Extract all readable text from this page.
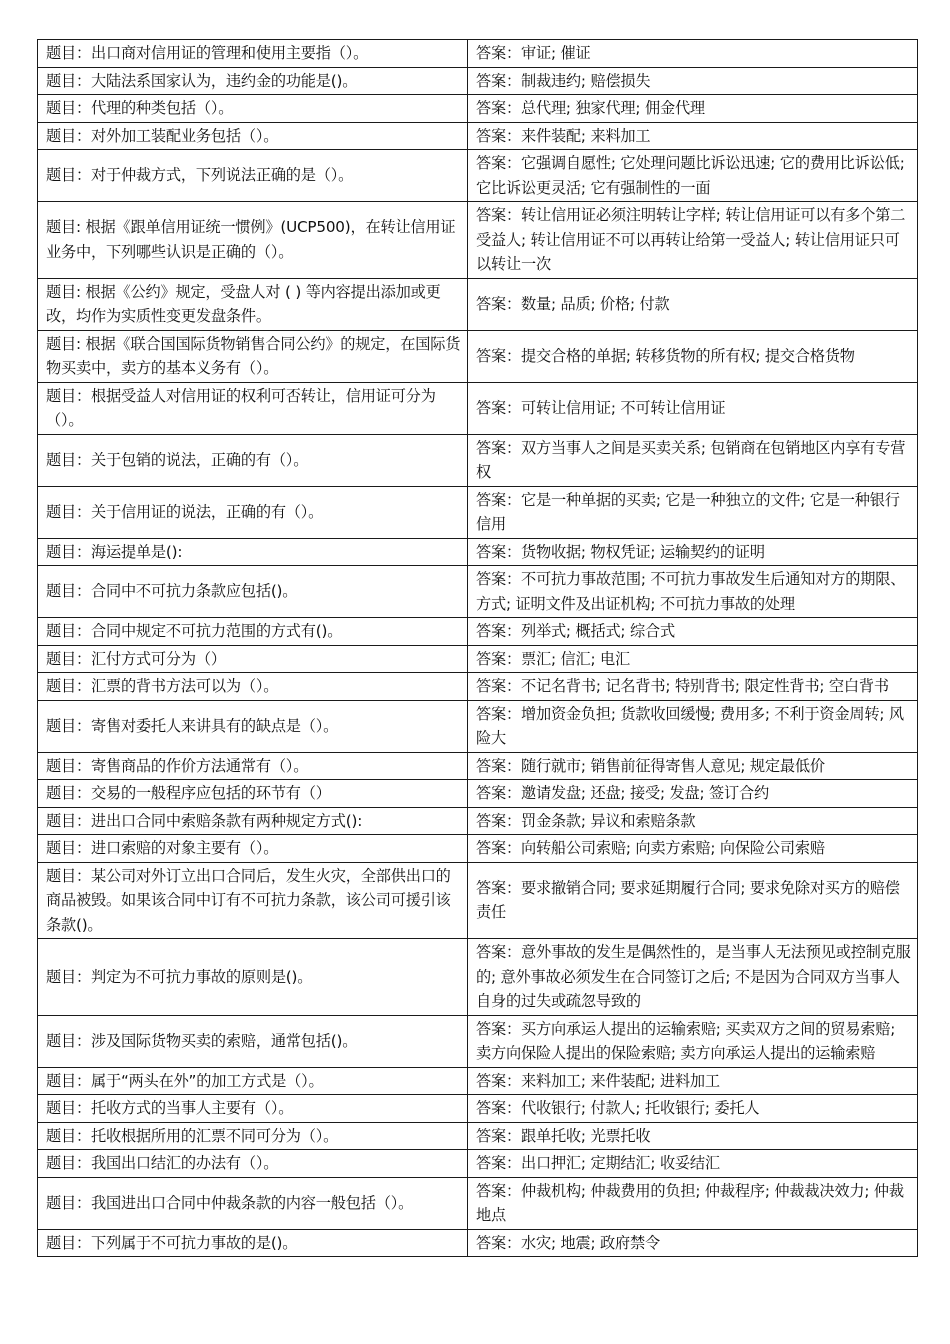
题目：出口商对信用证的管理和使用主要指（）。	答案：审证; 催证
题目：大陆法系国家认为，违约金的功能是()。	答案：制裁违约; 赔偿损失
题目：代理的种类包括（）。	答案：总代理; 独家代理; 佣金代理
题目：对外加工装配业务包括（）。	答案：来件装配; 来料加工
题目：对于仲裁方式，下列说法正确的是（）。	答案：它强调自愿性; 它处理问题比诉讼迅速; 它的费用比诉讼低; 它比诉讼更灵活; 它有强制性的一面
题目: 根据《跟单信用证统一惯例》(UCP500)，在转让信用证业务中，下列哪些认识是正确的（）。	答案：转让信用证必须注明转让字样; 转让信用证可以有多个第二受益人; 转让信用证不可以再转让给第一受益人; 转让信用证只可以转让一次
题目: 根据《公约》规定，受盘人对 ( ) 等内容提出添加或更改，均作为实质性变更发盘条件。	答案：数量; 品质; 价格; 付款
题目: 根据《联合国国际货物销售合同公约》的规定，在国际货物买卖中，卖方的基本义务有（）。	答案：提交合格的单据; 转移货物的所有权; 提交合格货物
题目：根据受益人对信用证的权利可否转让，信用证可分为（）。	答案：可转让信用证; 不可转让信用证
题目：关于包销的说法，正确的有（）。	答案：双方当事人之间是买卖关系; 包销商在包销地区内享有专营权
题目：关于信用证的说法，正确的有（）。	答案：它是一种单据的买卖; 它是一种独立的文件; 它是一种银行信用
题目：海运提单是():	答案：货物收据; 物权凭证; 运输契约的证明
题目：合同中不可抗力条款应包括()。	答案：不可抗力事故范围; 不可抗力事故发生后通知对方的期限、方式; 证明文件及出证机构; 不可抗力事故的处理
题目：合同中规定不可抗力范围的方式有()。	答案：列举式; 概括式; 综合式
题目：汇付方式可分为（）	答案：票汇; 信汇; 电汇
题目：汇票的背书方法可以为（）。	答案：不记名背书; 记名背书; 特别背书; 限定性背书; 空白背书
题目：寄售对委托人来讲具有的缺点是（）。	答案：增加资金负担; 货款收回缓慢; 费用多; 不利于资金周转; 风险大
题目：寄售商品的作价方法通常有（）。	答案：随行就市; 销售前征得寄售人意见; 规定最低价
题目：交易的一般程序应包括的环节有（）	答案：邀请发盘; 还盘; 接受; 发盘; 签订合约
题目：进出口合同中索赔条款有两种规定方式():	答案：罚金条款; 异议和索赔条款
题目：进口索赔的对象主要有（）。	答案：向转船公司索赔; 向卖方索赔; 向保险公司索赔
题目：某公司对外订立出口合同后，发生火灾，全部供出口的商品被毁。如果该合同中订有不可抗力条款，该公司可援引该条款()。	答案：要求撤销合同; 要求延期履行合同; 要求免除对买方的赔偿责任
题目：判定为不可抗力事故的原则是()。	答案：意外事故的发生是偶然性的，是当事人无法预见或控制克服的; 意外事故必须发生在合同签订之后; 不是因为合同双方当事人自身的过失或疏忽导致的
题目：涉及国际货物买卖的索赔，通常包括()。	答案：买方向承运人提出的运输索赔; 买卖双方之间的贸易索赔; 卖方向保险人提出的保险索赔; 卖方向承运人提出的运输索赔
题目：属于“两头在外”的加工方式是（）。	答案：来料加工; 来件装配; 进料加工
题目：托收方式的当事人主要有（）。	答案：代收银行; 付款人; 托收银行; 委托人
题目：托收根据所用的汇票不同可分为（）。	答案：跟单托收; 光票托收
题目：我国出口结汇的办法有（）。	答案：出口押汇; 定期结汇; 收妥结汇
题目：我国进出口合同中仲裁条款的内容一般包括（）。	答案：仲裁机构; 仲裁费用的负担; 仲裁程序; 仲裁裁决效力; 仲裁地点
题目：下列属于不可抗力事故的是()。	答案：水灾; 地震; 政府禁令
